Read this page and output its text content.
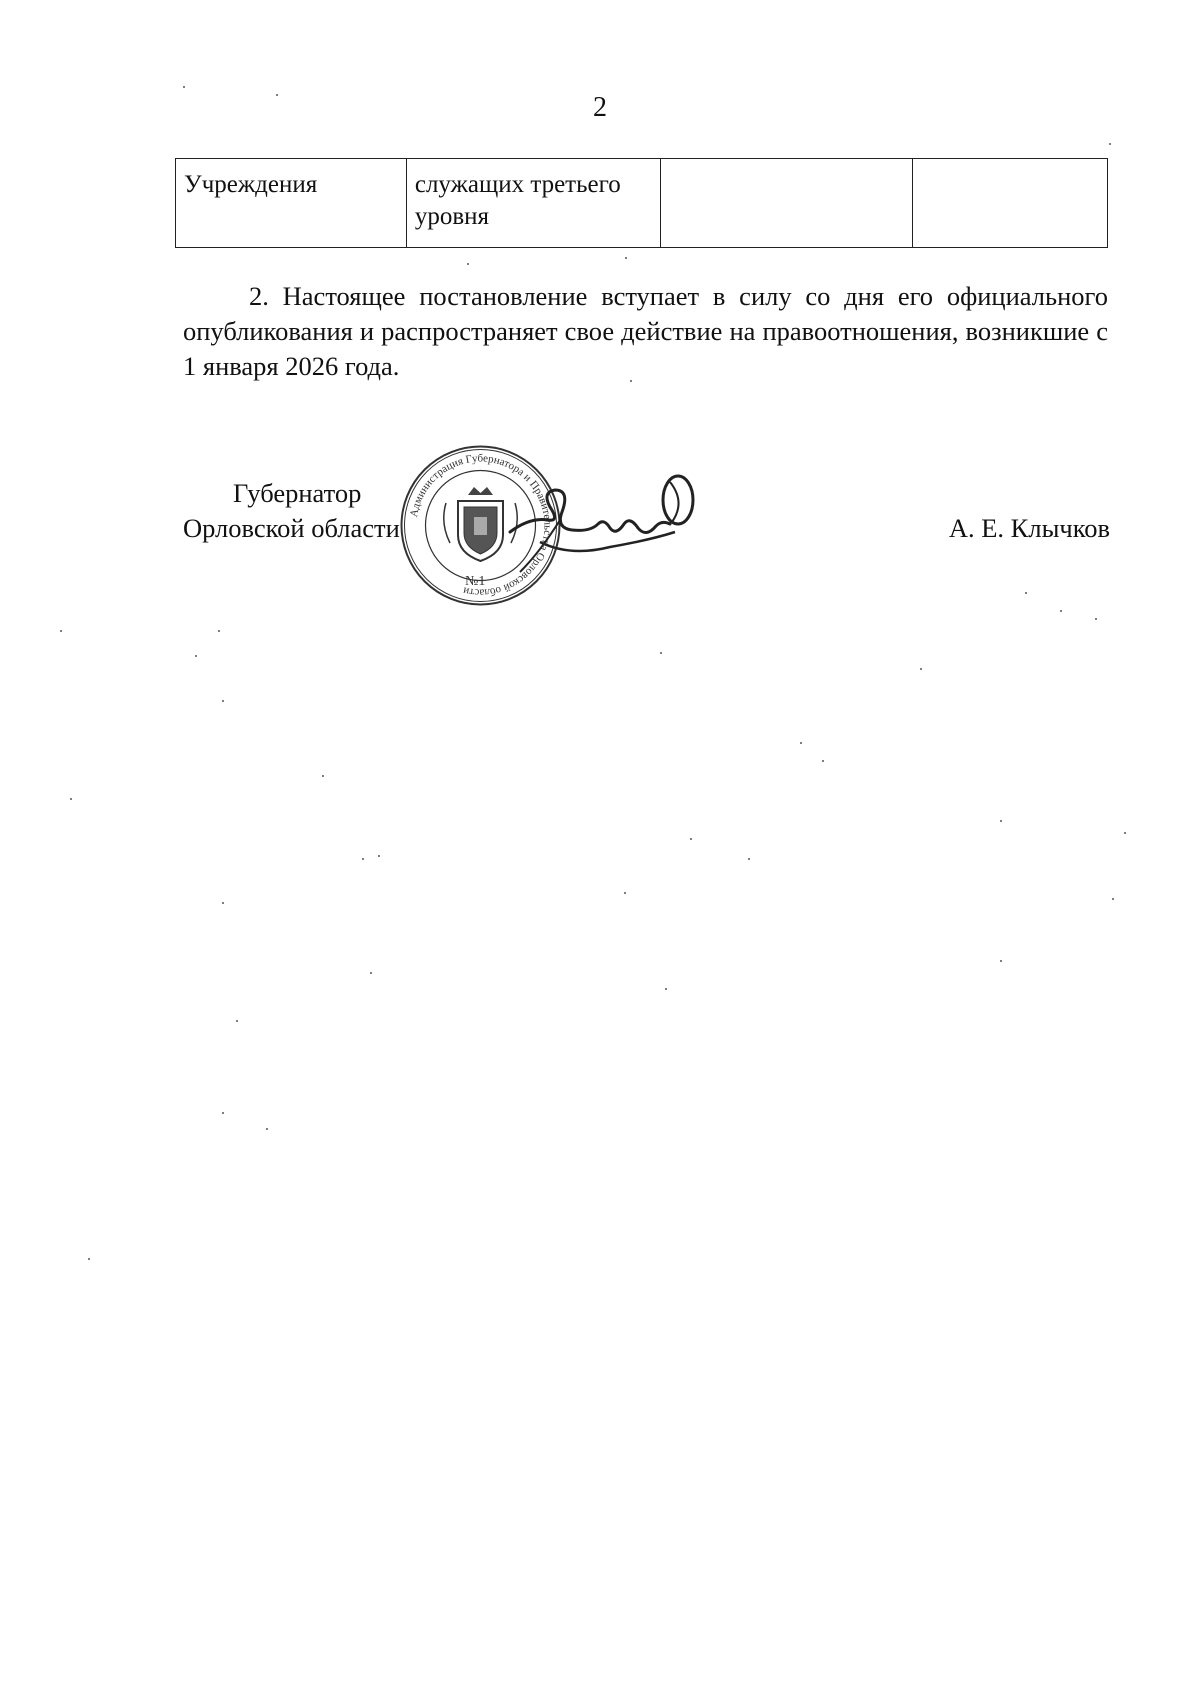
2
Учреждения	служащих третьего уровня		

2. Настоящее постановление вступает в силу со дня его официального опубликования и распространяет свое действие на правоотношения, возникшие с 1 января 2026 года.

Губернатор
Орловской области
Администрация Губернатора и Правительства Орловской области
№1
А. Е. Клычков
